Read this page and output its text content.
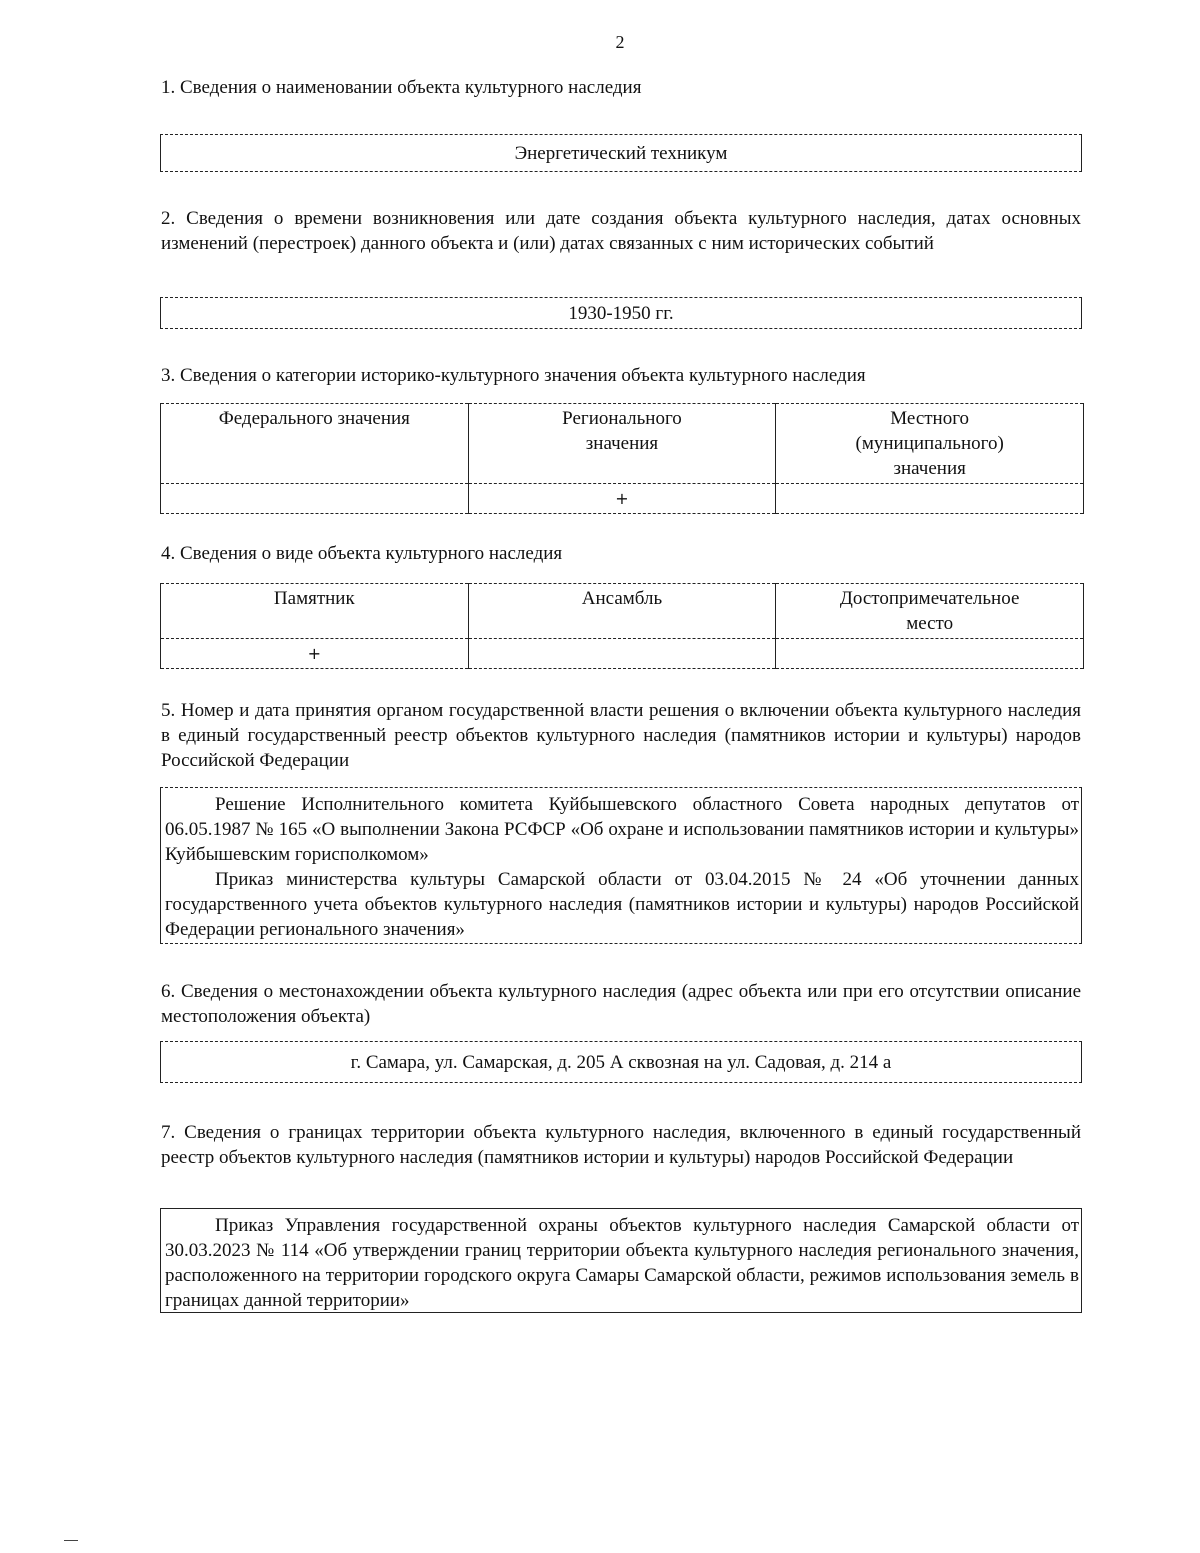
2
1. Сведения о наименовании объекта культурного наследия
Энергетический техникум
2. Сведения о времени возникновения или дате создания объекта культурного наследия, датах основных изменений (перестроек) данного объекта и (или) датах связанных с ним исторических событий
1930-1950 гг.
3. Сведения о категории историко-культурного значения объекта культурного наследия
Федерального значения	Регионального значения	Местного (муниципального) значения
	+	
4. Сведения о виде объекта культурного наследия
Памятник	Ансамбль	Достопримечательное место
+		
5. Номер и дата принятия органом государственной власти решения о включении объекта культурного наследия в единый государственный реестр объектов культурного наследия (памятников истории и культуры) народов Российской Федерации

Решение Исполнительного комитета Куйбышевского областного Совета народных депутатов от 06.05.1987 № 165 «О выполнении Закона РСФСР «Об охране и использовании памятников истории и культуры» Куйбышевским горисполкомом»

Приказ министерства культуры Самарской области от 03.04.2015 № 24 «Об уточнении данных государственного учета объектов культурного наследия (памятников истории и культуры) народов Российской Федерации регионального значения»

6. Сведения о местонахождении объекта культурного наследия (адрес объекта или при его отсутствии описание местоположения объекта)
г. Самара, ул. Самарская, д. 205 А сквозная на ул. Садовая, д. 214 а
7. Сведения о границах территории объекта культурного наследия, включенного в единый государственный реестр объектов культурного наследия (памятников истории и культуры) народов Российской Федерации

Приказ Управления государственной охраны объектов культурного наследия Самарской области от 30.03.2023 № 114 «Об утверждении границ территории объекта культурного наследия регионального значения, расположенного на территории городского округа Самары Самарской области, режимов использования земель в границах данной территории»
